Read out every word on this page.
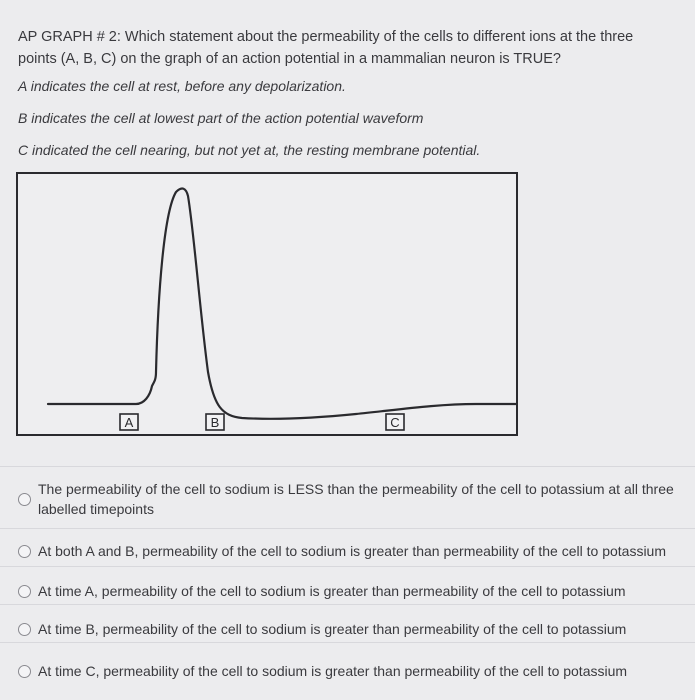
AP GRAPH # 2: Which statement about the permeability of the cells to different ions at the three

points (A, B, C) on the graph of an action potential in a mammalian neuron is TRUE?

A indicates the cell at rest, before any depolarization.
B indicates the cell at lowest part of the action potential waveform
C indicated the cell nearing, but not yet at, the resting membrane potential.
A	B	C
The permeability of the cell to sodium is LESS than the permeability of the cell to potassium at all three
labelled timepoints
At both A and B, permeability of the cell to sodium is greater than permeability of the cell to potassium
At time A, permeability of the cell to sodium is greater than permeability of the cell to potassium
At time B, permeability of the cell to sodium is greater than permeability of the cell to potassium
At time C, permeability of the cell to sodium is greater than permeability of the cell to potassium
